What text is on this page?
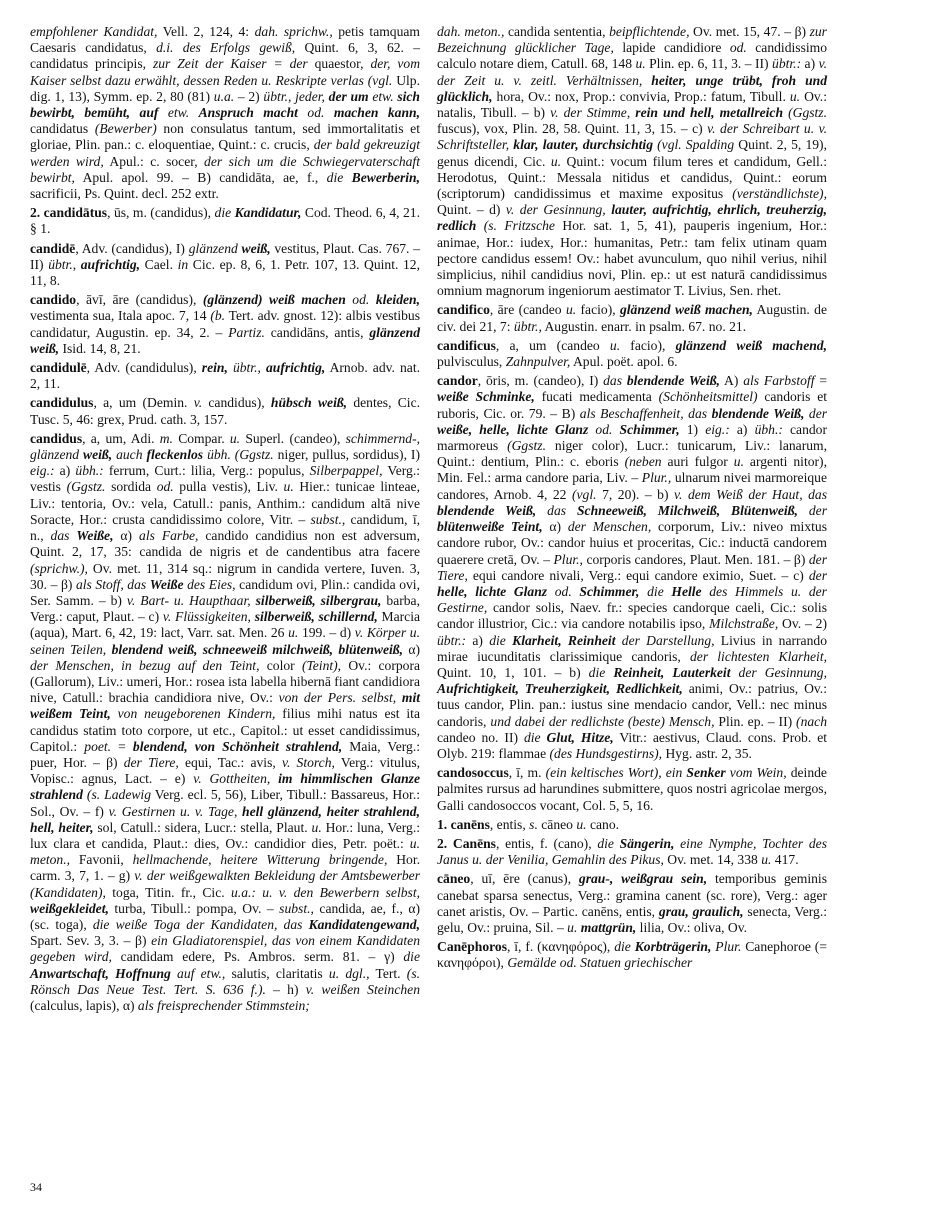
empfohlener Kandidat, Vell. 2, 124, 4: dah. sprichw., petis tamquam Caesaris candidatus, d.i. des Erfolgs gewiß, Quint. 6, 3, 62. – candidatus principis, zur Zeit der Kaiser = der quaestor, der, vom Kaiser selbst dazu erwählt, dessen Reden u. Reskripte verlas (vgl. Ulp. dig. 1, 13), Symm. ep. 2, 80 (81) u.a. – 2) übtr., jeder, der um etw. sich bewirbt, bemüht, auf etw. Anspruch macht od. machen kann, candidatus (Bewerber) non consulatus tantum, sed immortalitatis et gloriae, Plin. pan.: c. eloquentiae, Quint.: c. crucis, der bald gekreuzigt werden wird, Apul.: c. socer, der sich um die Schwiegervaterschaft bewirbt, Apul. apol. 99. – B) candidāta, ae, f., die Bewerberin, sacrificii, Ps. Quint. decl. 252 extr.

2. candidātus, ūs, m. (candidus), die Kandidatur, Cod. Theod. 6, 4, 21. § 1.

candidē, Adv. (candidus), I) glänzend weiß, vestitus, Plaut. Cas. 767. – II) übtr., aufrichtig, Cael. in Cic. ep. 8, 6, 1. Petr. 107, 13. Quint. 12, 11, 8.

candido, āvī, āre (candidus), (glänzend) weiß machen od. kleiden, vestimenta sua, Itala apoc. 7, 14 (b. Tert. adv. gnost. 12): albis vestibus candidatur, Augustin. ep. 34, 2. – Partiz. candidāns, antis, glänzend weiß, Isid. 14, 8, 21.

candidulē, Adv. (candidulus), rein, übtr., aufrichtig, Arnob. adv. nat. 2, 11.

candidulus, a, um (Demin. v. candidus), hübsch weiß, dentes, Cic. Tusc. 5, 46: grex, Prud. cath. 3, 157.

candidus, a, um, Adi. m. Compar. u. Superl. (candeo), schimmernd-, glänzend weiß, auch fleckenlos übh. (Ggstz. niger, pullus, sordidus), I) eig.: a) übh.: ferrum, Curt.: lilia, Verg.: populus, Silberpappel, Verg.: vestis (Ggstz. sordida od. pulla vestis), Liv. u. Hier.: tunicae linteae, Liv.: tentoria, Ov.: vela, Catull.: panis, Anthim.: candidum altā nive Soracte, Hor.: crusta candidissimo colore, Vitr. – subst., candidum, ī, n., das Weiße, α) als Farbe, candido candidius non est adversum, Quint. 2, 17, 35: candida de nigris et de candentibus atra facere (sprichw.), Ov. met. 11, 314 sq.: nigrum in candida vertere, Iuven. 3, 30. – β) als Stoff, das Weiße des Eies, candidum ovi, Plin.: candida ovi, Ser. Samm. – b) v. Bart- u. Haupthaar, silberweiß, silbergrau, barba, Verg.: caput, Plaut. – c) v. Flüssigkeiten, silberweiß, schillernd, Marcia (aqua), Mart. 6, 42, 19: lact, Varr. sat. Men. 26 u. 199. – d) v. Körper u. seinen Teilen, blendend weiß, schneeweiß milchweiß, blütenweiß, α) der Menschen, in bezug auf den Teint, color (Teint), Ov.: corpora (Gallorum), Liv.: umeri, Hor.: rosea ista labella hibernā fiant candidiora nive, Catull.: brachia candidiora nive, Ov.: von der Pers. selbst, mit weißem Teint, von neugeborenen Kindern, filius mihi natus est ita candidus statim toto corpore, ut etc., Capitol.: ut esset candidissimus, Capitol.: poet. = blendend, von Schönheit strahlend, Maia, Verg.: puer, Hor. – β) der Tiere, equi, Tac.: avis, v. Storch, Verg.: vitulus, Vopisc.: agnus, Lact. – e) v. Gottheiten, im himmlischen Glanze strahlend (s. Ladewig Verg. ecl. 5, 56), Liber, Tibull.: Bassareus, Hor.: Sol., Ov. – f) v. Gestirnen u. v. Tage, hell glänzend, heiter strahlend, hell, heiter, sol, Catull.: sidera, Lucr.: stella, Plaut. u. Hor.: luna, Verg.: lux clara et candida, Plaut.: dies, Ov.: candidior dies, Petr. poët.: u. meton., Favonii, hellmachende, heitere Witterung bringende, Hor. carm. 3, 7, 1. – g) v. der weißgewalkten Bekleidung der Amtsbewerber (Kandidaten), toga, Titin. fr., Cic. u.a.: u. v. den Bewerbern selbst, weißgekleidet, turba, Tibull.: pompa, Ov. – subst., candida, ae, f., α) (sc. toga), die weiße Toga der Kandidaten, das Kandidatengewand, Spart. Sev. 3, 3. – β) ein Gladiatorenspiel, das von einem Kandidaten gegeben wird, candidam edere, Ps. Ambros. serm. 81. – γ) die Anwartschaft, Hoffnung auf etw., salutis, claritatis u. dgl., Tert. (s. Rönsch Das Neue Test. Tert. S. 636 f.). – h) v. weißen Steinchen (calculus, lapis), α) als freisprechender Stimmstein;

dah. meton., candida sententia, beipflichtende, Ov. met. 15, 47. – β) zur Bezeichnung glücklicher Tage, lapide candidiore od. candidissimo calculo notare diem, Catull. 68, 148 u. Plin. ep. 6, 11, 3. – II) übtr.: a) v. der Zeit u. v. zeitl. Verhältnissen, heiter, unge trübt, froh und glücklich, hora, Ov.: nox, Prop.: convivia, Prop.: fatum, Tibull. u. Ov.: natalis, Tibull. – b) v. der Stimme, rein und hell, metallreich (Ggstz. fuscus), vox, Plin. 28, 58. Quint. 11, 3, 15. – c) v. der Schreibart u. v. Schriftsteller, klar, lauter, durchsichtig (vgl. Spalding Quint. 2, 5, 19), genus dicendi, Cic. u. Quint.: vocum filum teres et candidum, Gell.: Herodotus, Quint.: Messala nitidus et candidus, Quint.: eorum (scriptorum) candidissimus et maxime expositus (verständlichste), Quint. – d) v. der Gesinnung, lauter, aufrichtig, ehrlich, treuherzig, redlich (s. Fritzsche Hor. sat. 1, 5, 41), pauperis ingenium, Hor.: animae, Hor.: iudex, Hor.: humanitas, Petr.: tam felix utinam quam pectore candidus essem! Ov.: habet avunculum, quo nihil verius, nihil simplicius, nihil candidius novi, Plin. ep.: ut est naturā candidissimus omnium magnorum ingeniorum aestimator T. Livius, Sen. rhet.

candifico, āre (candeo u. facio), glänzend weiß machen, Augustin. de civ. dei 21, 7: übtr., Augustin. enarr. in psalm. 67. no. 21.

candificus, a, um (candeo u. facio), glänzend weiß machend, pulvisculus, Zahnpulver, Apul. poët. apol. 6.

candor, ōris, m. (candeo), I) das blendende Weiß, A) als Farbstoff = weiße Schminke, fucati medicamenta (Schönheitsmittel) candoris et ruboris, Cic. or. 79. – B) als Beschaffenheit, das blendende Weiß, der weiße, helle, lichte Glanz od. Schimmer, 1) eig.: a) übh.: candor marmoreus (Ggstz. niger color), Lucr.: tunicarum, Liv.: lanarum, Quint.: dentium, Plin.: c. eboris (neben auri fulgor u. argenti nitor), Min. Fel.: arma candore paria, Liv. – Plur., ulnarum nivei marmoreique candores, Arnob. 4, 22 (vgl. 7, 20). – b) v. dem Weiß der Haut, das blendende Weiß, das Schneeweiß, Milchweiß, Blütenweiß, der blütenweiße Teint, α) der Menschen, corporum, Liv.: niveo mixtus candore rubor, Ov.: candor huius et proceritas, Cic.: inductā candorem quaerere cretā, Ov. – Plur., corporis candores, Plaut. Men. 181. – β) der Tiere, equi candore nivali, Verg.: equi candore eximio, Suet. – c) der helle, lichte Glanz od. Schimmer, die Helle des Himmels u. der Gestirne, candor solis, Naev. fr.: species candorque caeli, Cic.: solis candor illustrior, Cic.: via candore notabilis ipso, Milchstraße, Ov. – 2) übtr.: a) die Klarheit, Reinheit der Darstellung, Livius in narrando mirae iucunditatis clarissimique candoris, der lichtesten Klarheit, Quint. 10, 1, 101. – b) die Reinheit, Lauterkeit der Gesinnung, Aufrichtigkeit, Treuherzigkeit, Redlichkeit, animi, Ov.: patrius, Ov.: tuus candor, Plin. pan.: iustus sine mendacio candor, Vell.: nec minus candoris, und dabei der redlichste (beste) Mensch, Plin. ep. – II) (nach candeo no. II) die Glut, Hitze, Vitr.: aestivus, Claud. cons. Prob. et Olyb. 219: flammae (des Hundsgestirns), Hyg. astr. 2, 35.

candosoccus, ī, m. (ein keltisches Wort), ein Senker vom Wein, deinde palmites rursus ad harundines submittere, quos nostri agricolae mergos, Galli candosoccos vocant, Col. 5, 5, 16.

1. canēns, entis, s. cāneo u. cano.

2. Canēns, entis, f. (cano), die Sängerin, eine Nymphe, Tochter des Janus u. der Venilia, Gemahlin des Pikus, Ov. met. 14, 338 u. 417.

cāneo, uī, ēre (canus), grau-, weißgrau sein, temporibus geminis canebat sparsa senectus, Verg.: gramina canent (sc. rore), Verg.: ager canet aristis, Ov. – Partic. canēns, entis, grau, graulich, senecta, Verg.: gelu, Ov.: pruina, Sil. – u. mattgrün, lilia, Ov.: oliva, Ov.

Canēphoros, ī, f. (κανηφόρος), die Korbträgerin, Plur. Canephoroe (= κανηφόροι), Gemälde od. Statuen griechischer

34
